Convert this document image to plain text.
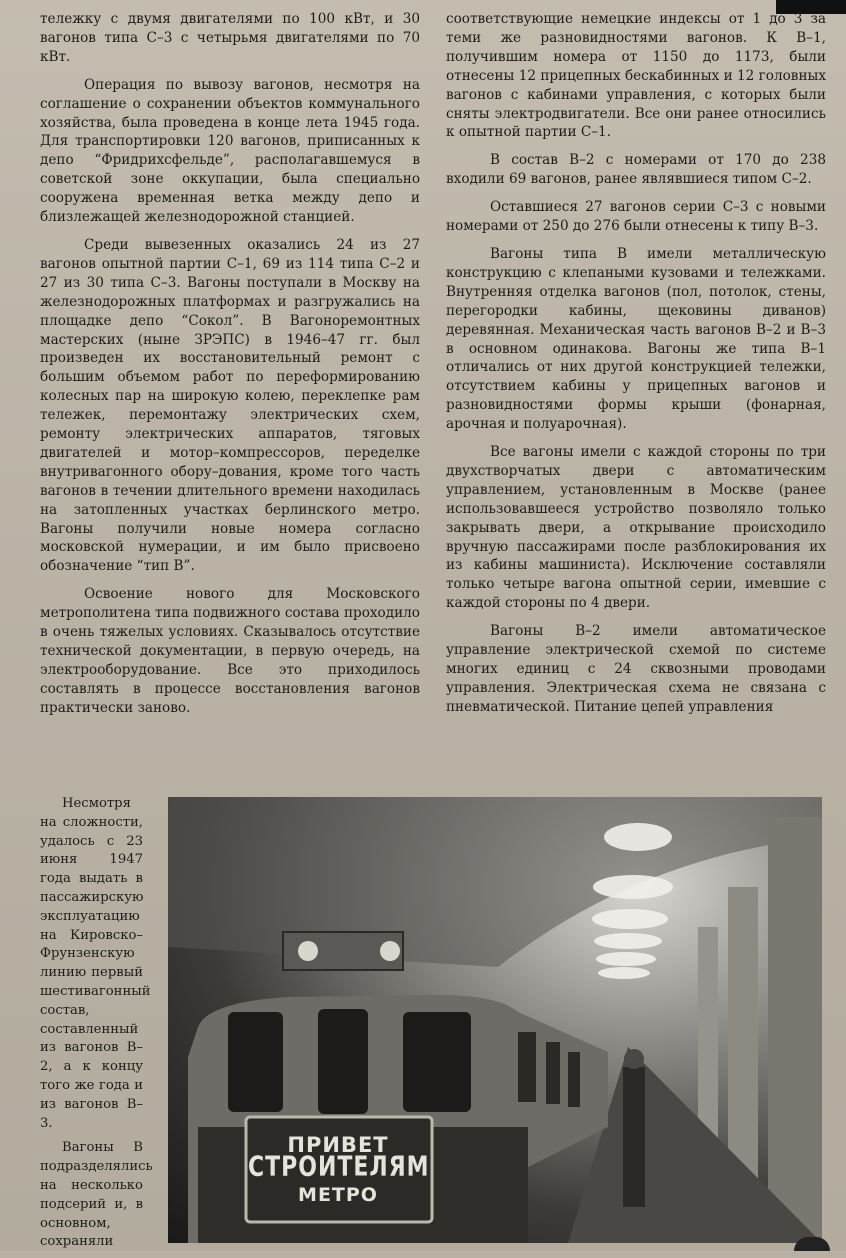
тележку с двумя двигателями по 100 кВт, и 30 вагонов типа С–3 с четырьмя двигателями по 70 кВт.

Операция по вывозу вагонов, несмотря на соглашение о сохранении объектов коммунального хозяйства, была проведена в конце лета 1945 года. Для транспортировки 120 вагонов, приписанных к депо “Фридрихсфельде”, располагавшемуся в советской зоне оккупации, была специально сооружена временная ветка между депо и близлежащей железнодорожной станцией.

Среди вывезенных оказались 24 из 27 вагонов опытной партии С–1, 69 из 114 типа С–2 и 27 из 30 типа С–3. Вагоны поступали в Москву на железнодорожных платформах и разгружались на площадке депо “Сокол”. В Вагоноремонтных мастерских (ныне ЗРЭПС) в 1946–47 гг. был произведен их восстановительный ремонт с большим объемом работ по переформированию колесных пар на широкую колею, переклепке рам тележек, перемонтажу электрических схем, ремонту электрических аппаратов, тяговых двигателей и мотор–компрессоров, переделке внутривагонного обору–дования, кроме того часть вагонов в течении длительного времени находилась на затопленных участках берлинского метро. Вагоны получили новые номера согласно московской нумерации, и им было присвоено обозначение “тип В”.

Освоение нового для Московского метрополитена типа подвижного состава проходило в очень тяжелых условиях. Сказывалось отсутствие технической документации, в первую очередь, на электрооборудование. Все это приходилось составлять в процессе восстановления вагонов практически заново.

соответствующие немецкие индексы от 1 до 3 за теми же разновидностями вагонов. К В–1, получившим номера от 1150 до 1173, были отнесены 12 прицепных бескабинных и 12 головных вагонов с кабинами управления, с которых были сняты электродвигатели. Все они ранее относились к опытной партии С–1.

В состав В–2 с номерами от 170 до 238 входили 69 вагонов, ранее являвшиеся типом С–2.

Оставшиеся 27 вагонов серии С–3 с новыми номерами от 250 до 276 были отнесены к типу В–3.

Вагоны типа В имели металлическую конструкцию с клепаными кузовами и тележками. Внутренняя отделка вагонов (пол, потолок, стены, перегородки кабины, щековины диванов) деревянная. Механическая часть вагонов В–2 и В–3 в основном одинакова. Вагоны же типа В–1 отличались от них другой конструкцией тележки, отсутствием кабины у прицепных вагонов и разновидностями формы крыши (фонарная, арочная и полуарочная).

Все вагоны имели с каждой стороны по три двухстворчатых двери с автоматическим управлением, установленным в Москве (ранее использовавшееся устройство позволяло только закрывать двери, а открывание происходило вручную пассажирами после разблокирования их из кабины машиниста). Исключение составляли только четыре вагона опытной серии, имевшие с каждой стороны по 4 двери.

Вагоны В–2 имели автоматическое управление электрической схемой по системе многих единиц с 24 сквозными проводами управления. Электрическая схема не связана с пневматической. Питание цепей управления

Несмотря на сложности, удалось с 23 июня 1947 года выдать в пассажирскую эксплуатацию на Кировско–Фрунзенскую линию первый шестивагонный состав, составленный из вагонов В–2, а к концу того же года и из вагонов В–3.

Вагоны В подразделялись на несколько подсерий и, в основном, сохраняли

ПРИВЕТ
СТРОИТЕЛЯМ
МЕТРО
